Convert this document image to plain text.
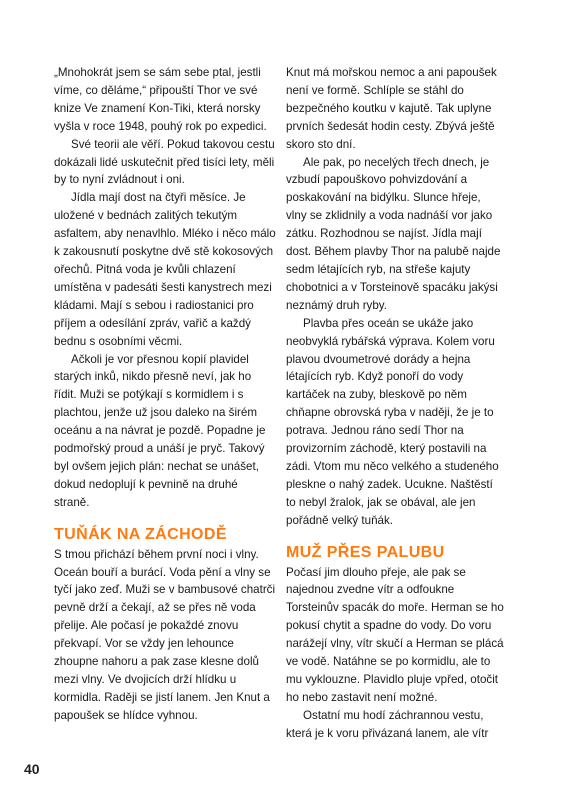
„Mnohokrát jsem se sám sebe ptal, jestli víme, co děláme,“ připouští Thor ve své knize Ve znamení Kon-Tiki, která norsky vyšla v roce 1948, pouhý rok po expedici.

Své teorii ale věří. Pokud takovou cestu dokázali lidé uskutečnit před tisíci lety, měli by to nyní zvládnout i oni.

Jídla mají dost na čtyři měsíce. Je uložené v bednách zalitých tekutým asfaltem, aby nenavlhlo. Mléko i něco málo k zakousnutí poskytne dvě stě kokosových ořechů. Pitná voda je kvůli chlazení umístěna v padesáti šesti kanystrech mezi kládami. Mají s sebou i radiostanici pro příjem a odesílání zpráv, vařič a každý bednu s osobními věcmi.

Ačkoli je vor přesnou kopií plavidel starých inků, nikdo přesně neví, jak ho řídit. Muži se potýkají s kormidlem i s plachtou, jenže už jsou daleko na širém oceánu a na návrat je pozdě. Popadne je podmořský proud a unáší je pryč. Takový byl ovšem jejich plán: nechat se unášet, dokud nedoplují k pevnině na druhé straně.

TUŇÁK NA ZÁCHODĚ

S tmou přichází během první noci i vlny. Oceán bouří a burácí. Voda pění a vlny se tyčí jako zeď. Muži se v bambusové chatrči pevně drží a čekají, až se přes ně voda přelije. Ale počasí je pokaždé znovu překvapí. Vor se vždy jen lehounce zhoupne nahoru a pak zase klesne dolů mezi vlny. Ve dvojicích drží hlídku u kormidla. Raději se jistí lanem. Jen Knut a papoušek se hlídce vyhnou.

Knut má mořskou nemoc a ani papoušek není ve formě. Schlíple se stáhl do bezpečného koutku v kajutě. Tak uplyne prvních šedesát hodin cesty. Zbývá ještě skoro sto dní.

Ale pak, po necelých třech dnech, je vzbudí papouškovo pohvizdování a poskakování na bidýlku. Slunce hřeje, vlny se zklidnily a voda nadnáší vor jako zátku. Rozhodnou se najíst. Jídla mají dost. Během plavby Thor na palubě najde sedm létajících ryb, na střeše kajuty chobotnici a v Torsteinově spacáku jakýsi neznámý druh ryby.

Plavba přes oceán se ukáže jako neobvyklá rybářská výprava. Kolem voru plavou dvoumetrové dorády a hejna létajících ryb. Když ponoří do vody kartáček na zuby, bleskově po něm chňapne obrovská ryba v naději, že je to potrava. Jednou ráno sedí Thor na provizorním záchodě, který postavili na zádi. Vtom mu něco velkého a studeného pleskne o nahý zadek. Ucukne. Naštěstí to nebyl žralok, jak se obával, ale jen pořádně velký tuňák.

MUŽ PŘES PALUBU

Počasí jim dlouho přeje, ale pak se najednou zvedne vítr a odfoukne Torsteinův spacák do moře. Herman se ho pokusí chytit a spadne do vody. Do voru narážejí vlny, vítr skučí a Herman se plácá ve vodě. Natáhne se po kormidlu, ale to mu vyklouzne. Plavidlo pluje vpřed, otočit ho nebo zastavit není možné.

Ostatní mu hodí záchrannou vestu, která je k voru přivázaná lanem, ale vítr

40
